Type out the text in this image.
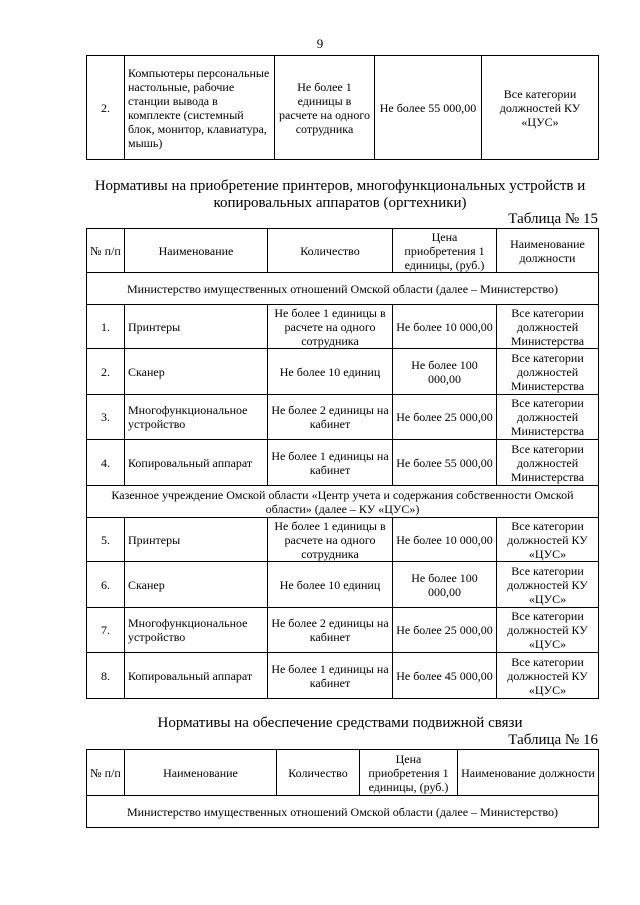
9
2.	Компьютеры персональные настольные, рабочие станции вывода в комплекте (системный блок, монитор, клавиатура, мышь)	Не более 1 единицы в расчете на одного сотрудника	Не более 55 000,00	Все категории должностей КУ «ЦУС»
Нормативы на приобретение принтеров, многофункциональных устройств и копировальных аппаратов (оргтехники)
Таблица № 15
№ п/п	Наименование	Количество	Цена приобретения 1 единицы, (руб.)	Наименование должности
Министерство имущественных отношений Омской области (далее – Министерство)				
1.	Принтеры	Не более 1 единицы в расчете на одного сотрудника	Не более 10 000,00	Все категории должностей Министерства
2.	Сканер	Не более 10 единиц	Не более 100 000,00	Все категории должностей Министерства
3.	Многофункциональное устройство	Не более 2 единицы на кабинет	Не более 25 000,00	Все категории должностей Министерства
4.	Копировальный аппарат	Не более 1 единицы на кабинет	Не более 55 000,00	Все категории должностей Министерства
Казенное учреждение Омской области «Центр учета и содержания собственности Омской области» (далее – КУ «ЦУС»)				
5.	Принтеры	Не более 1 единицы в расчете на одного сотрудника	Не более 10 000,00	Все категории должностей КУ «ЦУС»
6.	Сканер	Не более 10 единиц	Не более 100 000,00	Все категории должностей КУ «ЦУС»
7.	Многофункциональное устройство	Не более 2 единицы на кабинет	Не более 25 000,00	Все категории должностей КУ «ЦУС»
8.	Копировальный аппарат	Не более 1 единицы на кабинет	Не более 45 000,00	Все категории должностей КУ «ЦУС»
Нормативы на обеспечение средствами подвижной связи
Таблица № 16
№ п/п	Наименование	Количество	Цена приобретения 1 единицы, (руб.)	Наименование должности
Министерство имущественных отношений Омской области (далее – Министерство)
